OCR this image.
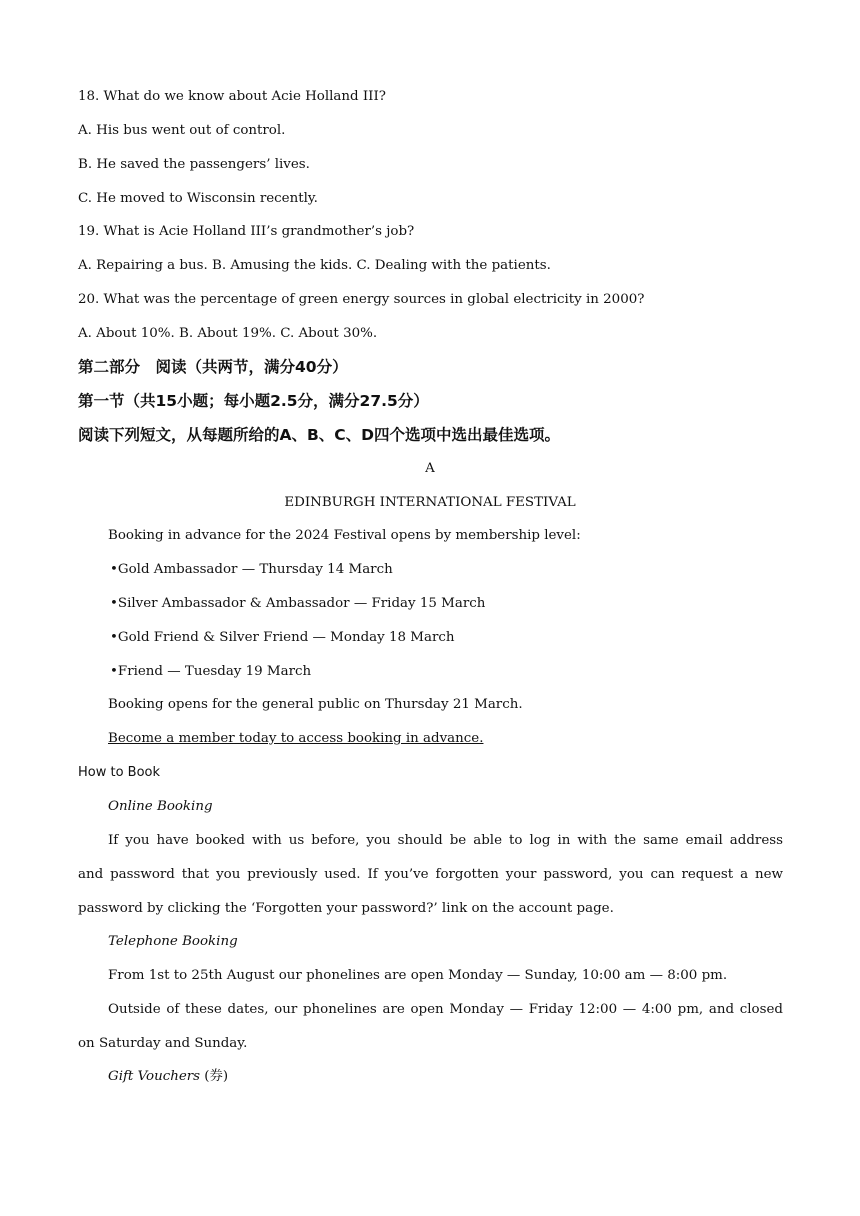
18. What do we know about Acie Holland III?
A. His bus went out of control.
B. He saved the passengers’ lives.
C. He moved to Wisconsin recently.
19. What is Acie Holland III’s grandmother’s job?
A. Repairing a bus. B. Amusing the kids. C. Dealing with the patients.
20. What was the percentage of green energy sources in global electricity in 2000?
A. About 10%. B. About 19%. C. About 30%.
第二部分　阅读（共两节，满分40分）
第一节（共15小题；每小题2.5分，满分27.5分）
阅读下列短文，从每题所给的A、B、C、D四个选项中选出最佳选项。
A
EDINBURGH INTERNATIONAL FESTIVAL
Booking in advance for the 2024 Festival opens by membership level:
•Gold Ambassador — Thursday 14 March
•Silver Ambassador & Ambassador — Friday 15 March
•Gold Friend & Silver Friend — Monday 18 March
•Friend — Tuesday 19 March
Booking opens for the general public on Thursday 21 March.
Become a member today to access booking in advance.
How to Book
Online Booking
If you have booked with us before, you should be able to log in with the same email address
and password that you previously used. If you’ve forgotten your password, you can request a new
password by clicking the ‘Forgotten your password?’ link on the account page.
Telephone Booking
From 1st to 25th August our phonelines are open Monday — Sunday, 10:00 am — 8:00 pm.
Outside of these dates, our phonelines are open Monday — Friday 12:00 — 4:00 pm, and closed
on Saturday and Sunday.
Gift Vouchers (券)
